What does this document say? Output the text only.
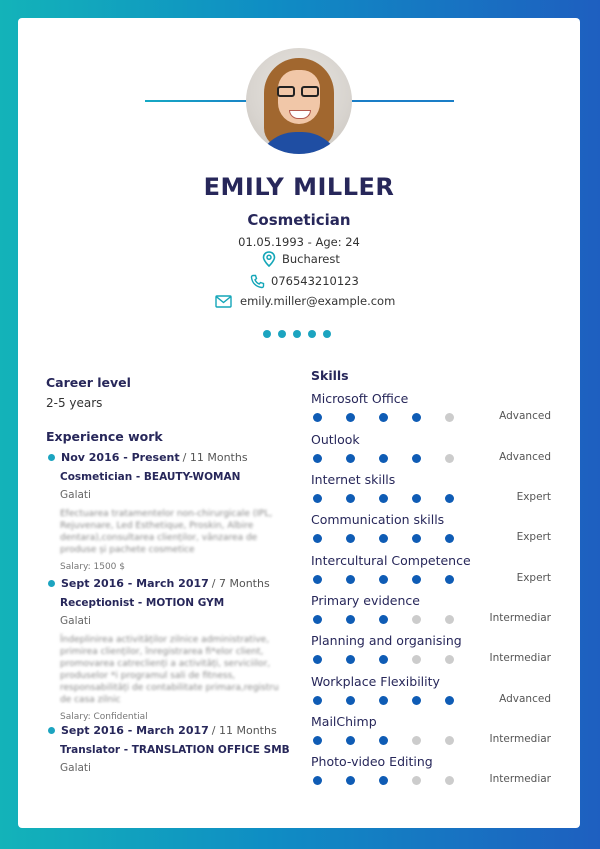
EMILY MILLER
Cosmetician
01.05.1993 - Age: 24
Bucharest
076543210123
emily.miller@example.com
Career level
2-5 years
Experience work
Nov 2016 - Present / 11 Months
Cosmetician - BEAUTY-WOMAN
Galati
Efectuarea tratamentelor non-chirurgicale (IPL, Rejuvenare, Led Esthetique, Proskin, Albire dentara),consultarea clienților, vânzarea de produse și pachete cosmetice
Salary: 1500 $
Sept 2016 - March 2017 / 7 Months
Receptionist - MOTION GYM
Galati
Îndeplinirea activităților zilnice administrative, primirea clienților, înregistrarea fi*elor client, promovarea catreclienți a activități, serviciilor, produselor *i programul sali de fitness, responsabilități de contabilitate primara,registru de casa zilnic
Salary: Confidential
Sept 2016 - March 2017 / 11 Months
Translator - TRANSLATION OFFICE SMB
Galati
Skills
Microsoft Office
Advanced
Outlook
Advanced
Internet skills
Expert
Communication skills
Expert
Intercultural Competence
Expert
Primary evidence
Intermediar
Planning and organising
Intermediar
Workplace Flexibility
Advanced
MailChimp
Intermediar
Photo-video Editing
Intermediar
